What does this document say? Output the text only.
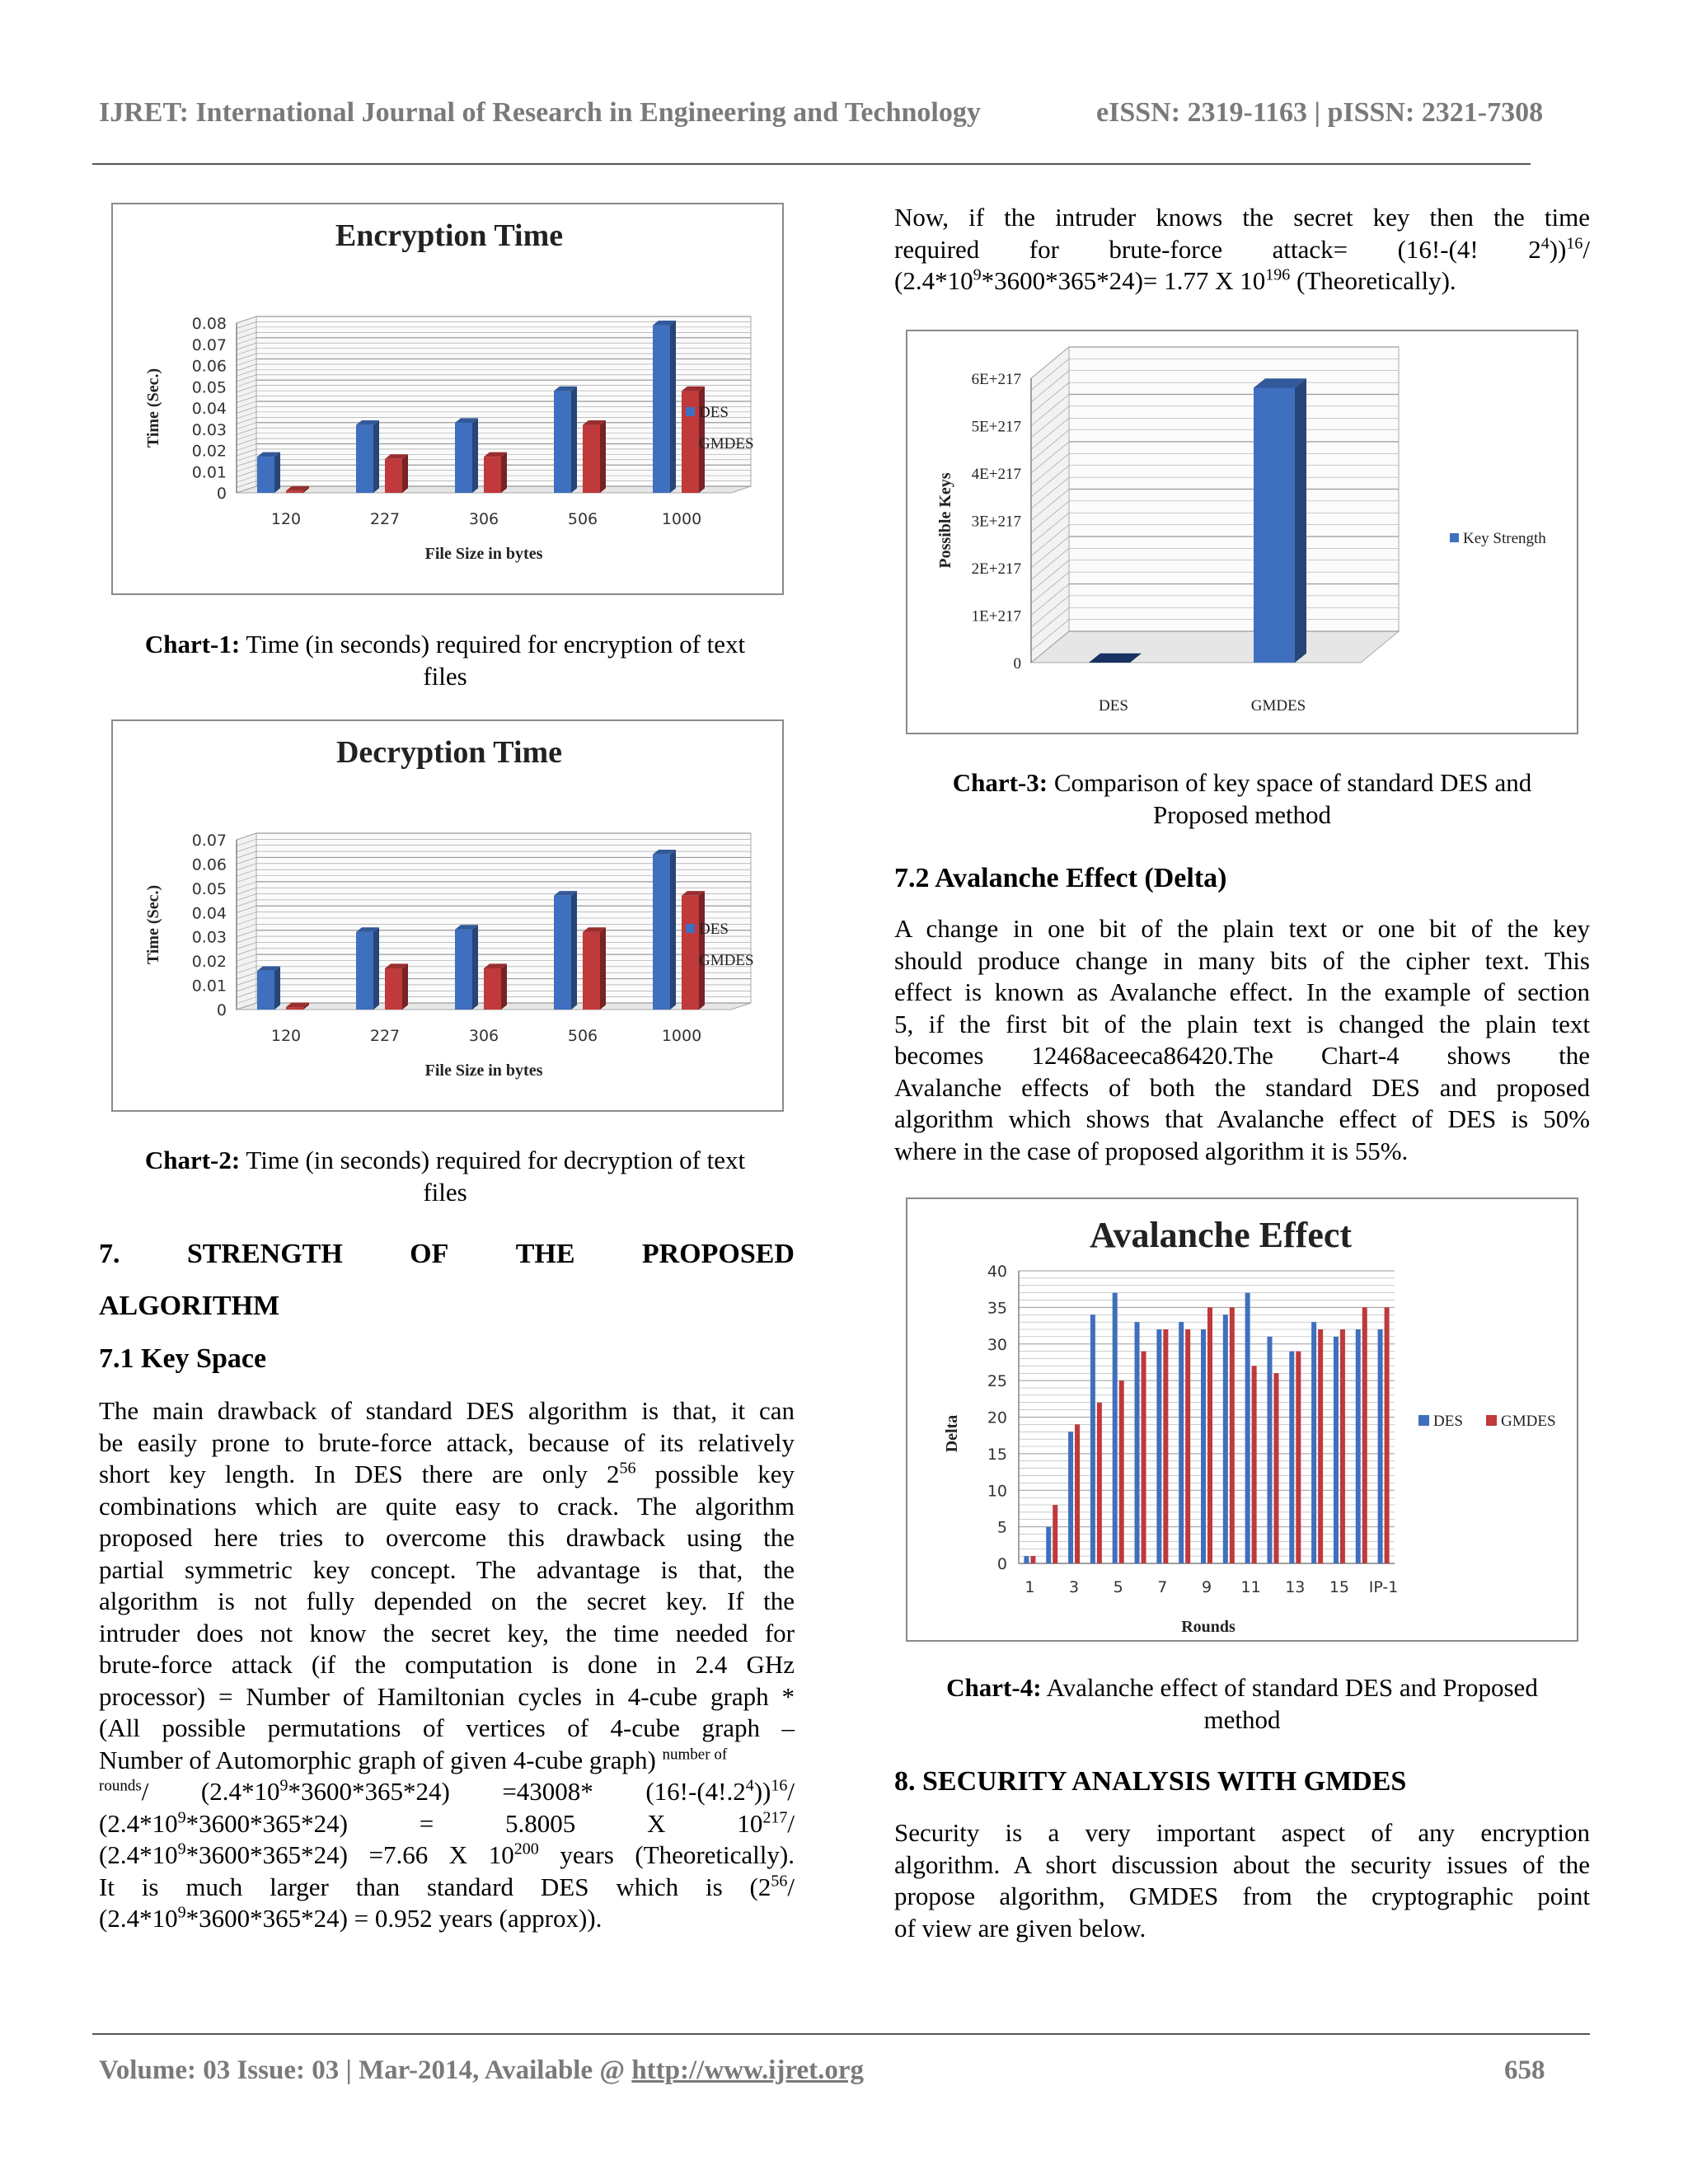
IJRET: International Journal of Research in Engineering and Technology	eISSN: 2319-1163 | pISSN: 2321-7308
0
0.01
0.02
0.03
0.04
0.05
0.06
0.07
0.08
120	227	306	506	1000
Encryption Time
File Size in bytes
Time (Sec.)	DES
GMDES
Chart-1: Time (in seconds) required for encryption of text
files
0
0.01
0.02
0.03
0.04
0.05
0.06
0.07
120	227	306	506	1000
Decryption Time
File Size in bytes
Time (Sec.)	DES
GMDES
Chart-2: Time (in seconds) required for decryption of text
files
7. STRENGTH OF THE PROPOSED
ALGORITHM
7.1 Key Space
The main drawback of standard DES algorithm is that, it can
be easily prone to brute-force attack, because of its relatively
short key length. In DES there are only $2^{56}$ possible key
combinations which are quite easy to crack. The algorithm
proposed here tries to overcome this drawback using the
partial symmetric key concept. The advantage is that, the
algorithm is not fully depended on the secret key. If the
intruder does not know the secret key, the time needed for
brute-force attack (if the computation is done in 2.4 GHz
processor) = Number of Hamiltonian cycles in 4-cube graph *
(All possible permutations of vertices of 4-cube graph –
Number of Automorphic graph of given 4-cube graph) $^{number of}$
$^{rounds}$/ $(2.4*10^9*3600*365*24) =43008*$ $(16!-(4!.2^4))^{16}/$
$(2.4*10^9*3600*365*24) = 5.8005$ X $10^{217}/$
$(2.4*10^9*3600*365*24) =7.66$ X $10^{200}$ years (Theoretically).
It is much larger than standard DES which is ($2^{56}/$
$(2.4*10^9*3600*365*24) = 0.952$ years (approx)).
Now, if the intruder knows the secret key then the time
required for brute-force attack= (16!-(4! $2^4))^{16}/$
$(2.4*10^9*3600*365*24)= 1.77$ X $10^{196}$ (Theoretically).
0
1E+217
2E+217
3E+217
4E+217
5E+217
6E+217
DES	GMDES
Possible Keys	Key Strength
Chart-3: Comparison of key space of standard DES and
Proposed method
7.2 Avalanche Effect (Delta)
A change in one bit of the plain text or one bit of the key
should produce change in many bits of the cipher text. This
effect is known as Avalanche effect. In the example of section
5, if the first bit of the plain text is changed the plain text
becomes 12468aceeca86420.The Chart-4 shows the
Avalanche effects of both the standard DES and proposed
algorithm which shows that Avalanche effect of DES is 50%
where in the case of proposed algorithm it is 55%.
0
5
10
15
20
25
30
35
40
1 3 5 7 9 11 13 15 IP-1
Avalanche Effect
Rounds
Delta	DES GMDES
Chart-4: Avalanche effect of standard DES and Proposed
method
8. SECURITY ANALYSIS WITH GMDES
Security is a very important aspect of any encryption
algorithm. A short discussion about the security issues of the
propose algorithm, GMDES from the cryptographic point
of view are given below.
Volume: 03 Issue: 03 | Mar-2014, Available @ http://www.ijret.org	658
